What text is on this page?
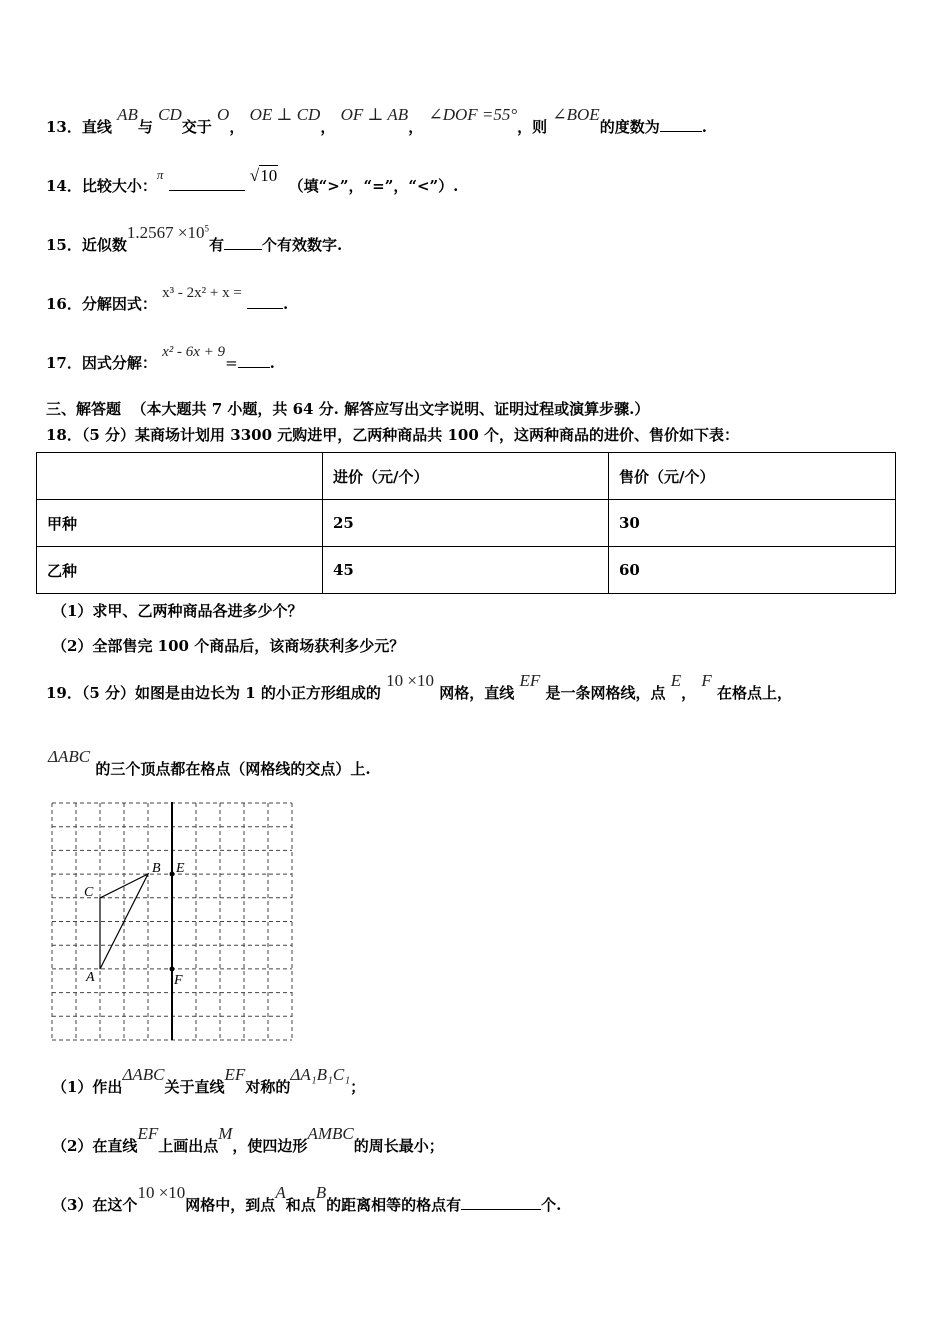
13．直线 AB与 CD交于 O， OE ⊥ CD， OF ⊥ AB， ∠DOF =55°，则 ∠BOE的度数为	.
14．比较大小：π	√10  （填“>”，“=”，“<”）.
15．近似数$1.2567 \times 10^5$有	个有效数字.
16．分解因式： x³ - 2x² + x = .
17．因式分解： x² - 6x + 9= .
三、解答题 （本大题共 7 小题，共 64 分. 解答应写出文字说明、证明过程或演算步骤.）
18．（5 分）某商场计划用 3300 元购进甲，乙两种商品共 100 个，这两种商品的进价、售价如下表：
	进价（元/个）	售价（元/个）
甲种	25	30
乙种	45	60
（1）求甲、乙两种商品各进多少个？
（2）全部售完 100 个商品后，该商场获利多少元？
19．（5 分）如图是由边长为 1 的小正方形组成的 10 ×10 网格，直线 EF 是一条网格线，点 E， F 在格点上，
ΔABC 的三个顶点都在格点（网格线的交点）上.
A
B
C
E
F
（1）作出ΔABC关于直线EF对称的ΔA₁B₁C₁；
（2）在直线EF上画出点M，使四边形AMBC的周长最小；
（3）在这个10 ×10网格中，到点A和点B的距离相等的格点有	个.
